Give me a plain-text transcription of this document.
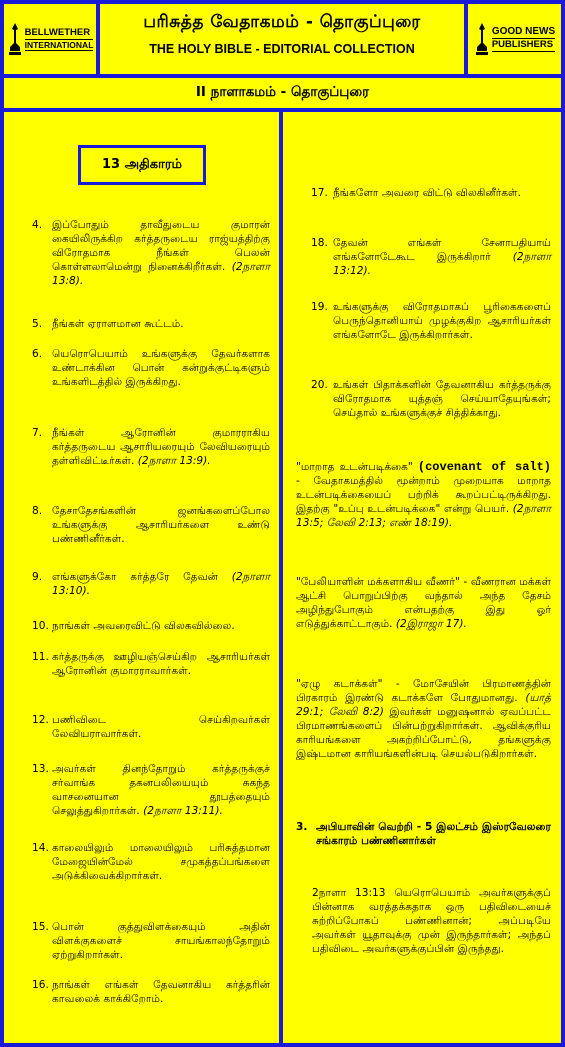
BELLWETHER
INTERNATIONAL
பரிசுத்த வேதாகமம் - தொகுப்புரை
THE HOLY BIBLE - EDITORIAL COLLECTION
GOOD NEWS
PUBLISHERS
II நாளாகமம் - தொகுப்புரை
13 அதிகாரம்
4. இப்போதும் தாவீதுடைய குமாரன் கையிலிருக்கிற கர்த்தருடைய ராஜ்யத்திற்கு விரோதமாக நீங்கள் பெலன் கொள்ளலாமென்று நினைக்கிறீர்கள். (2நாளா 13:8).
5. நீங்கள் ஏராளமான கூட்டம்.
6. யெரொபெயாம் உங்களுக்கு தேவர்களாக உண்டாக்கின பொன் கன்றுக்குட்டிகளும் உங்களிடத்தில் இருக்கிறது.
7. நீங்கள் ஆரோனின் குமாரராகிய கர்த்தருடைய ஆசாரியரையும் லேவியரையும் தள்ளிவிட்டீர்கள். (2நாளா 13:9).
8. தேசாதேசங்களின் ஜனங்களைப்போல உங்களுக்கு ஆசாரியர்களை உண்டு பண்ணினீர்கள்.
9. எங்களுக்கோ கர்த்தரே தேவன் (2நாளா 13:10).
10. நாங்கள் அவரைவிட்டு விலகவில்லை.
11. கர்த்தருக்கு ஊழியஞ்செய்கிற ஆசாரியர்கள் ஆரோனின் குமாரராவார்கள்.
12. பணிவிடை செய்கிறவர்கள் லேவியராவார்கள்.
13. அவர்கள் தினந்தோறும் கர்த்தருக்குச் சர்வாங்க தகனபலியையும் சுகந்த வாசனையான தூபத்தையும் செலுத்துகிறார்கள். (2நாளா 13:11).
14. காலையிலும் மாலையிலும் பரிசுத்தமான மேஜையின்மேல் சமுகத்தப்பங்களை அடுக்கிவைக்கிறார்கள்.
15. பொன் குத்துவிளக்கையும் அதின் விளக்குகளைச் சாயங்காலந்தோறும் ஏற்றுகிறார்கள்.
16. நாங்கள் எங்கள் தேவனாகிய கர்த்தரின் காவலைக் காக்கிறோம்.
17. நீங்களோ அவரை விட்டு விலகினீர்கள்.
18. தேவன் எங்கள் சேனாபதியாய் எங்களோடேகூட இருக்கிறார் (2நாளா 13:12).
19. உங்களுக்கு விரோதமாகப் பூரிகைகளைப் பெருந்தொனியாய் முழக்குகிற ஆசாரியர்கள் எங்களோடே இருக்கிறார்கள்.
20. உங்கள் பிதாக்களின் தேவனாகிய கர்த்தருக்கு விரோதமாக யுத்தஞ் செய்யாதேயுங்கள்; செய்தால் உங்களுக்குச் சித்திக்காது.
"மாறாத உடன்படிக்கை" (covenant of salt) - வேதாகமத்தில் மூன்றாம் முறையாக மாறாத உடன்படிக்கையைப் பற்றிக் கூறப்பட்டிருக்கிறது. இதற்கு "உப்பு உடன்படிக்கை" என்று பெயர். (2நாளா 13:5; லேவி 2:13; எண் 18:19).
"பேலியாளின் மக்களாகிய வீணர்" - வீணரான மக்கள் ஆட்சி பொறுப்பிற்கு வந்தால் அந்த தேசம் அழிந்துபோகும் என்பதற்கு இது ஓர் எடுத்துக்காட்டாகும். (2இராஜா 17).
"ஏழு கடாக்கள்" - மோசேயின் பிரமாணத்தின் பிரகாரம் இரண்டு கடாக்களே போதுமானது. (யாத் 29:1; லேவி 8:2) இவர்கள் மனுஷனால் ஏவப்பட்ட பிரமாணங்களைப் பின்பற்றுகிறார்கள். ஆவிக்குரிய காரியங்களை அகற்றிப்போட்டு, தங்களுக்கு இஷ்டமான காரியங்களின்படி செயல்படுகிறார்கள்.
3. அபியாவின் வெற்றி - 5 இலட்சம் இஸ்ரவேலரை சங்காரம் பண்ணினார்கள்
2நாளா 13:13 யெரொபெயாம் அவர்களுக்குப் பின்னாக வரத்தக்கதாக ஒரு பதிவிடையைச் சுற்றிப்போகப் பண்ணினான்; அப்படியே அவர்கள் யூதாவுக்கு முன் இருந்தார்கள்; அந்தப் பதிவிடை அவர்களுக்குப்பின் இருந்தது.
